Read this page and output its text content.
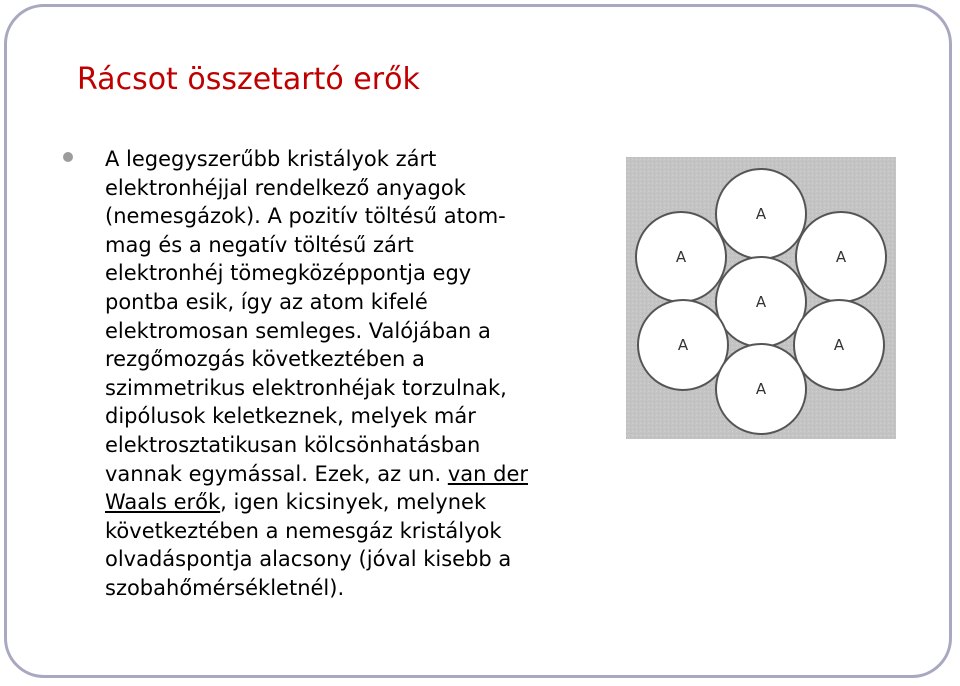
Rácsot összetartó erők

A legegyszerűbb kristályok zárt
elektronhéjjal rendelkező anyagok
(nemesgázok). A pozitív töltésű atom-
mag és a negatív töltésű zárt
elektronhéj tömegközéppontja egy
pontba esik, így az atom kifelé
elektromosan semleges. Valójában a
rezgőmozgás következtében a
szimmetrikus elektronhéjak torzulnak,
dipólusok keletkeznek, melyek már
elektrosztatikusan kölcsönhatásban
vannak egymással. Ezek, az un. van der
Waals erők, igen kicsinyek, melynek
következtében a nemesgáz kristályok
olvadáspontja alacsony (jóval kisebb a
szobahőmérsékletnél).

A
A	A
A
A	A
A
